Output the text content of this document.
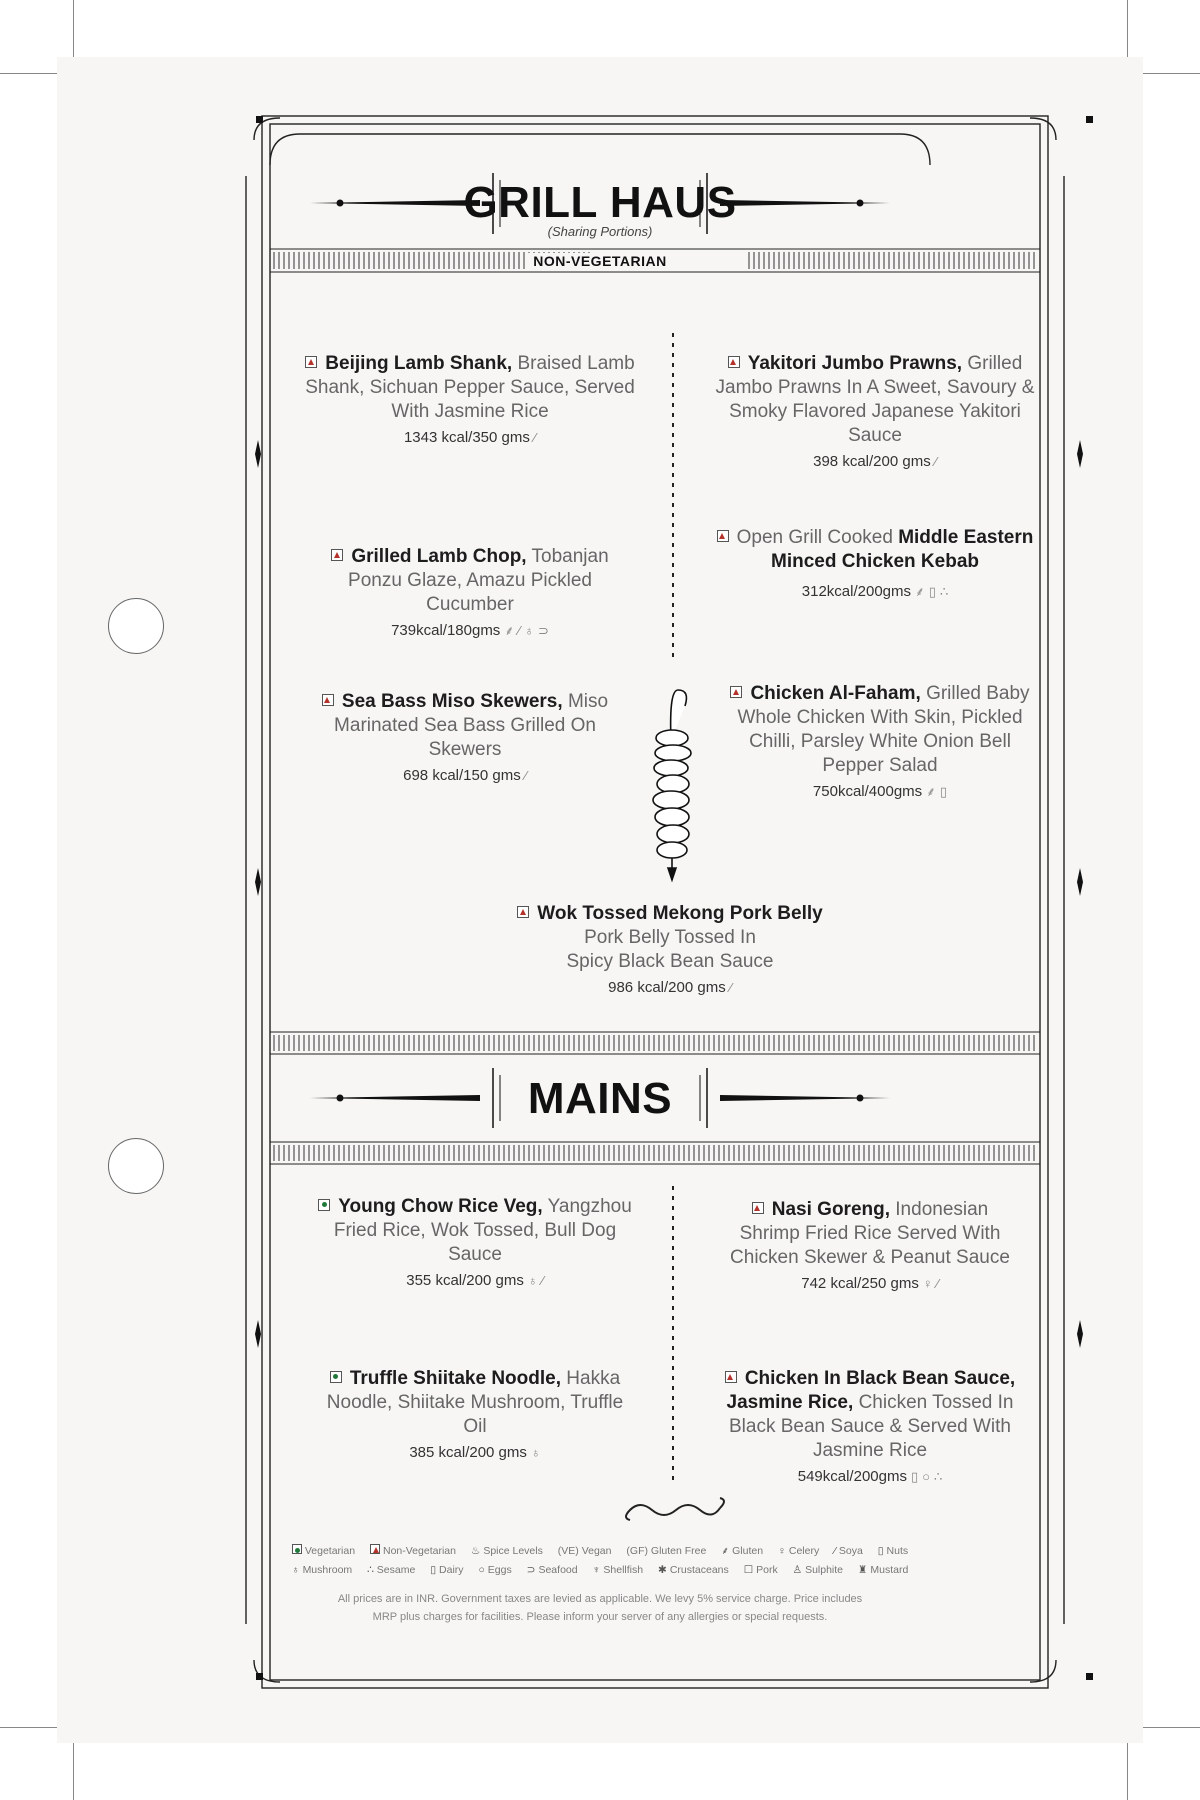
GRILL HAUS
(Sharing Portions)
NON-VEGETARIAN
MAINS
Beijing Lamb Shank, Braised Lamb Shank, Sichuan Pepper Sauce, Served With Jasmine Rice
1343 kcal/350 gms ⁄
Yakitori Jumbo Prawns, Grilled Jambo Prawns In A Sweet, Savoury & Smoky Flavored Japanese Yakitori Sauce
398 kcal/200 gms ⁄
Grilled Lamb Chop, Tobanjan Ponzu Glaze, Amazu Pickled Cucumber
739kcal/180gms ⸙ ⁄ ♁ ⊃
Open Grill Cooked Middle Eastern Minced Chicken Kebab
312kcal/200gms ⸙ ▯ ∴
Sea Bass Miso Skewers, Miso Marinated Sea Bass Grilled On Skewers
698 kcal/150 gms ⁄
Chicken Al-Faham, Grilled Baby Whole Chicken With Skin, Pickled Chilli, Parsley White Onion Bell Pepper Salad
750kcal/400gms ⸙ ▯
Wok Tossed Mekong Pork Belly
Pork Belly Tossed In Spicy Black Bean Sauce
986 kcal/200 gms ⁄
Young Chow Rice Veg, Yangzhou Fried Rice, Wok Tossed, Bull Dog Sauce
355 kcal/200 gms ♁ ⁄
Nasi Goreng, Indonesian Shrimp Fried Rice Served With Chicken Skewer & Peanut Sauce
742 kcal/250 gms ♀ ⁄
Truffle Shiitake Noodle, Hakka Noodle, Shiitake Mushroom, Truffle Oil
385 kcal/200 gms ♁
Chicken In Black Bean Sauce, Jasmine Rice, Chicken Tossed In Black Bean Sauce & Served With Jasmine Rice
549kcal/200gms ▯ ○ ∴
Vegetarian	Non-Vegetarian ♨ Spice Levels (VE) Vegan (GF) Gluten Free ⸙ Gluten ♀ Celery ⁄ Soya ▯ Nuts
♁ Mushroom ∴ Sesame ▯ Dairy ○ Eggs ⊃ Seafood ♆ Shellfish ✱ Crustaceans ☐ Pork ♙ Sulphite ♜ Mustard
All prices are in INR. Government taxes are levied as applicable. We levy 5% service charge. Price includes
MRP plus charges for facilities. Please inform your server of any allergies or special requests.
